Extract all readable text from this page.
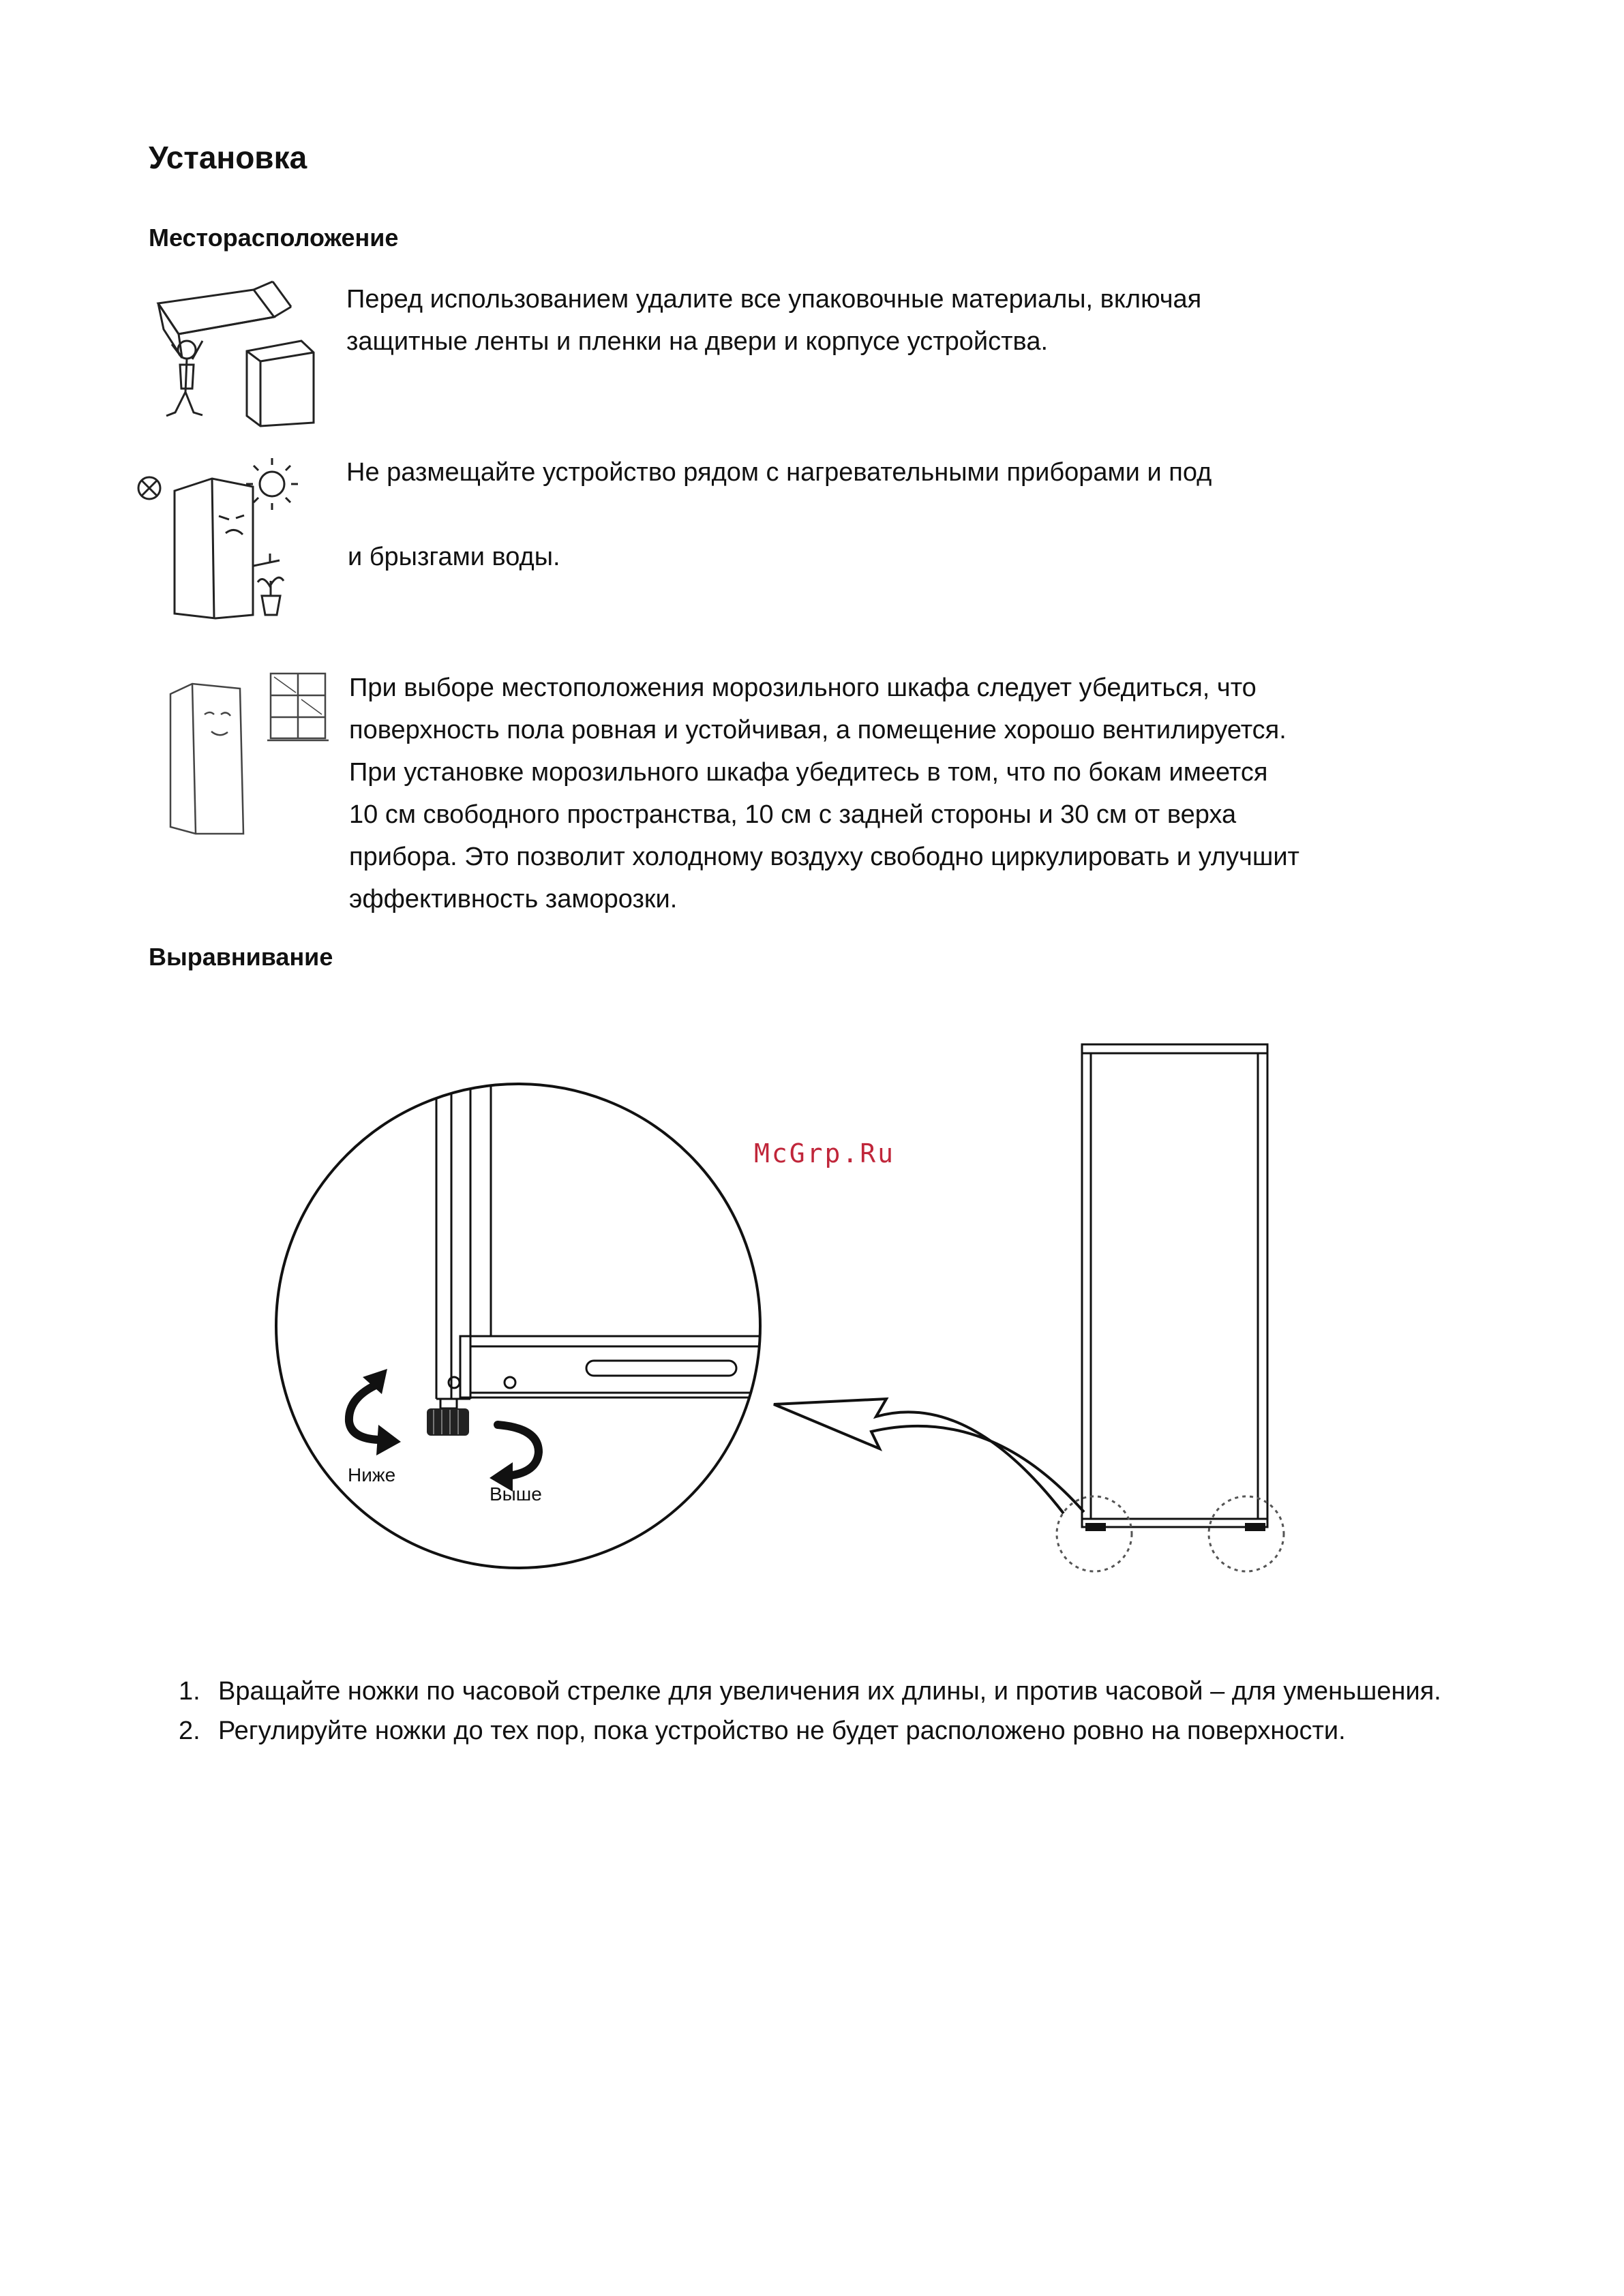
Установка
Месторасположение
Перед использованием удалите все упаковочные материалы, включая
защитные ленты и пленки на двери и корпусе устройства.
Не размещайте устройство рядом с нагревательными приборами и под
и брызгами воды.
При выборе местоположения морозильного шкафа следует убедиться, что
поверхность пола ровная и устойчивая, а помещение хорошо вентилируется.
При установке морозильного шкафа убедитесь в том, что по бокам имеется
10 см свободного пространства, 10 см с задней стороны и 30 см от верха
прибора. Это позволит холодному воздуху свободно циркулировать и улучшит
эффективность заморозки.
Выравнивание
McGrp.Ru
Ниже
Выше
1. Вращайте ножки по часовой стрелке для увеличения их длины, и против часовой – для уменьшения.
2. Регулируйте ножки до тех пор, пока устройство не будет расположено ровно на поверхности.
